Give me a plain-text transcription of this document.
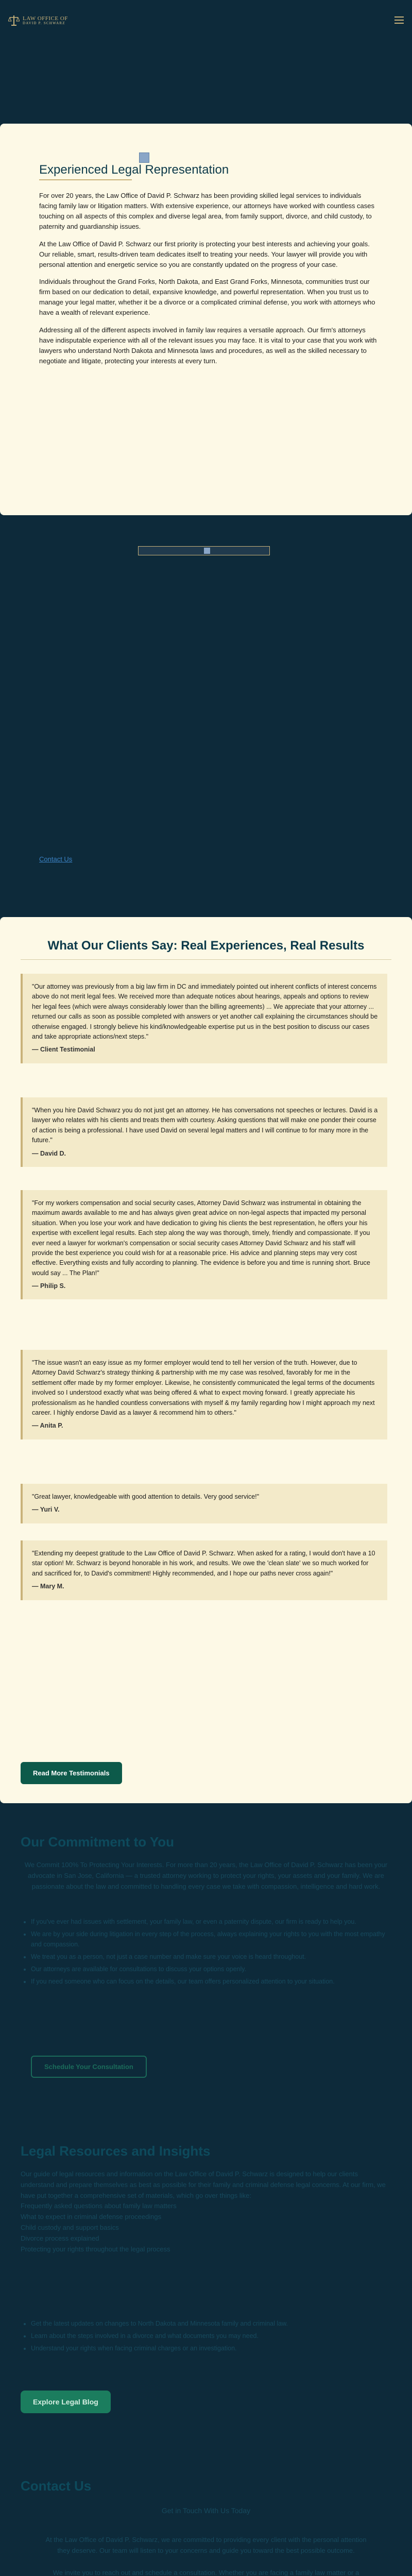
LAW OFFICE OF
DAVID P. SCHWARZ
Experienced Legal Representation

For over 20 years, the Law Office of David P. Schwarz has been providing skilled legal services to individuals facing family law or litigation matters. With extensive experience, our attorneys have worked with countless cases touching on all aspects of this complex and diverse legal area, from family support, divorce, and child custody, to paternity and guardianship issues.

At the Law Office of David P. Schwarz our first priority is protecting your best interests and achieving your goals. Our reliable, smart, results-driven team dedicates itself to treating your needs. Your lawyer will provide you with personal attention and energetic service so you are constantly updated on the progress of your case.

Individuals throughout the Grand Forks, North Dakota, and East Grand Forks, Minnesota, communities trust our firm based on our dedication to detail, expansive knowledge, and powerful representation. When you trust us to manage your legal matter, whether it be a divorce or a complicated criminal defense, you work with attorneys who have a wealth of relevant experience.

Addressing all of the different aspects involved in family law requires a versatile approach. Our firm's attorneys have indisputable experience with all of the relevant issues you may face. It is vital to your case that you work with lawyers who understand North Dakota and Minnesota laws and procedures, as well as the skilled necessary to negotiate and litigate, protecting your interests at every turn.

Contact Us
What Our Clients Say: Real Experiences, Real Results
"Our attorney was previously from a big law firm in DC and immediately pointed out inherent conflicts of interest concerns above do not merit legal fees. We received more than adequate notices about hearings, appeals and options to review her legal fees (which were always considerably lower than the billing agreements) ... We appreciate that your attorney ... returned our calls as soon as possible completed with answers or yet another call explaining the circumstances should be otherwise engaged. I strongly believe his kind/knowledgeable expertise put us in the best position to discuss our cases and take appropriate actions/next steps."
— Client Testimonial
"When you hire David Schwarz you do not just get an attorney. He has conversations not speeches or lectures. David is a lawyer who relates with his clients and treats them with courtesy. Asking questions that will make one ponder their course of action is being a professional. I have used David on several legal matters and I will continue to for many more in the future."
— David D.
"For my workers compensation and social security cases, Attorney David Schwarz was instrumental in obtaining the maximum awards available to me and has always given great advice on non-legal aspects that impacted my personal situation. When you lose your work and have dedication to giving his clients the best representation, he offers your his expertise with excellent legal results. Each step along the way was thorough, timely, friendly and compassionate. If you ever need a lawyer for workman's compensation or social security cases Attorney David Schwarz and his staff will provide the best experience you could wish for at a reasonable price. His advice and planning steps may very cost effective. Everything exists and fully according to planning. The evidence is before you and time is running short. Bruce would say ... The Plan!"
— Philip S.
"The issue wasn't an easy issue as my former employer would tend to tell her version of the truth. However, due to Attorney David Schwarz's strategy thinking & partnership with me my case was resolved, favorably for me in the settlement offer made by my former employer. Likewise, he consistently communicated the legal terms of the documents involved so I understood exactly what was being offered & what to expect moving forward. I greatly appreciate his professionalism as he handled countless conversations with myself & my family regarding how I might approach my next career. I highly endorse David as a lawyer & recommend him to others."
— Anita P.
"Great lawyer, knowledgeable with good attention to details. Very good service!"
— Yuri V.
"Extending my deepest gratitude to the Law Office of David P. Schwarz. When asked for a rating, I would don't have a 10 star option! Mr. Schwarz is beyond honorable in his work, and results. We owe the 'clean slate' we so much worked for and sacrificed for, to David's commitment! Highly recommended, and I hope our paths never cross again!"
— Mary M.
Read More Testimonials
Our Commitment to You
We Commit 100% To Protecting Your Interests. For more than 20 years, the Law Office of David P. Schwarz has been your advocate in San Jose, California — a trusted attorney working to protect your rights, your assets and your family. We are passionate about the law and committed to handling every case we take with compassion, intelligence and hard work.
• If you've ever had issues with settlement, your family law, or even a paternity dispute, our firm is ready to help you.
• We are by your side during litigation in every step of the process, always explaining your rights to you with the most empathy and compassion.
• We treat you as a person, not just a case number and make sure your voice is heard throughout.
• Our attorneys are available for consultations to discuss your options openly.
• If you need someone who can focus on the details, our team offers personalized attention to your situation.
Schedule Your Consultation
Legal Resources and Insights
Our guide of legal resources and information on the Law Office of David P. Schwarz is designed to help our clients understand and prepare themselves as best as possible for their family and criminal defense legal concerns. At our firm, we have put together a comprehensive set of materials, which go over things like:
Frequently asked questions about family law matters
What to expect in criminal defense proceedings
Child custody and support basics
Divorce process explained
Protecting your rights throughout the legal process
• Get the latest updates on changes to North Dakota and Minnesota family and criminal law.
• Learn about the steps involved in a divorce and what documents you may need.
• Understand your rights when facing criminal charges or an investigation.
Explore Legal Blog
Contact Us
Get in Touch With Us Today

At the Law Office of David P. Schwarz, we are committed to providing every client with the personal attention they deserve. Our team will listen to your concerns and guide you toward the best possible outcome.

We invite you to reach out and schedule a consultation. Whether you are facing a family law matter or a
